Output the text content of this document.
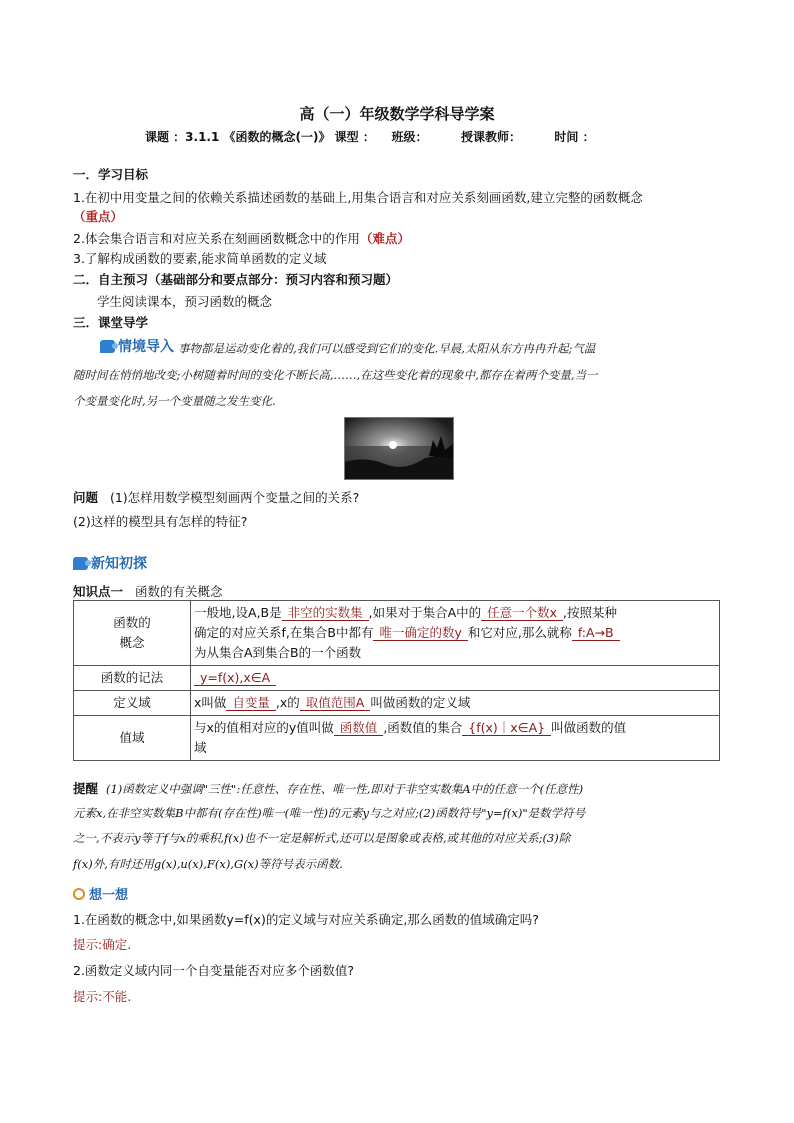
高（一）年级数学学科导学案
课题 ：3.1.1 《函数的概念(一)》 课型 ：    班级：        授课教师：        时间 ：
一．学习目标
1.在初中用变量之间的依赖关系描述函数的基础上,用集合语言和对应关系刻画函数,建立完整的函数概念
（重点）
2.体会集合语言和对应关系在刻画函数概念中的作用（难点）
3.了解构成函数的要素,能求简单函数的定义域
二．自主预习（基础部分和要点部分：预习内容和预习题）
学生阅读课本，预习函数的概念
三．课堂导学
情境导入 事物都是运动变化着的,我们可以感受到它们的变化.早晨,太阳从东方冉冉升起;气温
随时间在悄悄地改变;小树随着时间的变化不断长高,……,在这些变化着的现象中,都存在着两个变量,当一
个变量变化时,另一个变量随之发生变化.
问题 (1)怎样用数学模型刻画两个变量之间的关系?
(2)这样的模型具有怎样的特征?
新知初探
知识点一 函数的有关概念
函数的
概念	一般地,设A,B是 非空的实数集 ,如果对于集合A中的 任意一个数x ,按照某种
确定的对应关系f,在集合B中都有 唯一确定的数y 和它对应,那么就称 f:A→B
为从集合A到集合B的一个函数
函数的记法	y=f(x),x∈A
定义域	x叫做 自变量 ,x的 取值范围A 叫做函数的定义域
值域	与x的值相对应的y值叫做 函数值 ,函数值的集合 {f(x)｜x∈A} 叫做函数的值
域
提醒 (1)函数定义中强调"三性":任意性、存在性、唯一性,即对于非空实数集A中的任意一个(任意性)
元素x,在非空实数集B中都有(存在性)唯一(唯一性)的元素y与之对应;(2)函数符号"y=f(x)"是数学符号
之一,不表示y等于f与x的乘积,f(x)也不一定是解析式,还可以是图象或表格,或其他的对应关系;(3)除
f(x)外,有时还用g(x),u(x),F(x),G(x)等符号表示函数.
想一想
1.在函数的概念中,如果函数y=f(x)的定义域与对应关系确定,那么函数的值域确定吗?
提示:确定.
2.函数定义域内同一个自变量能否对应多个函数值?
提示:不能.
